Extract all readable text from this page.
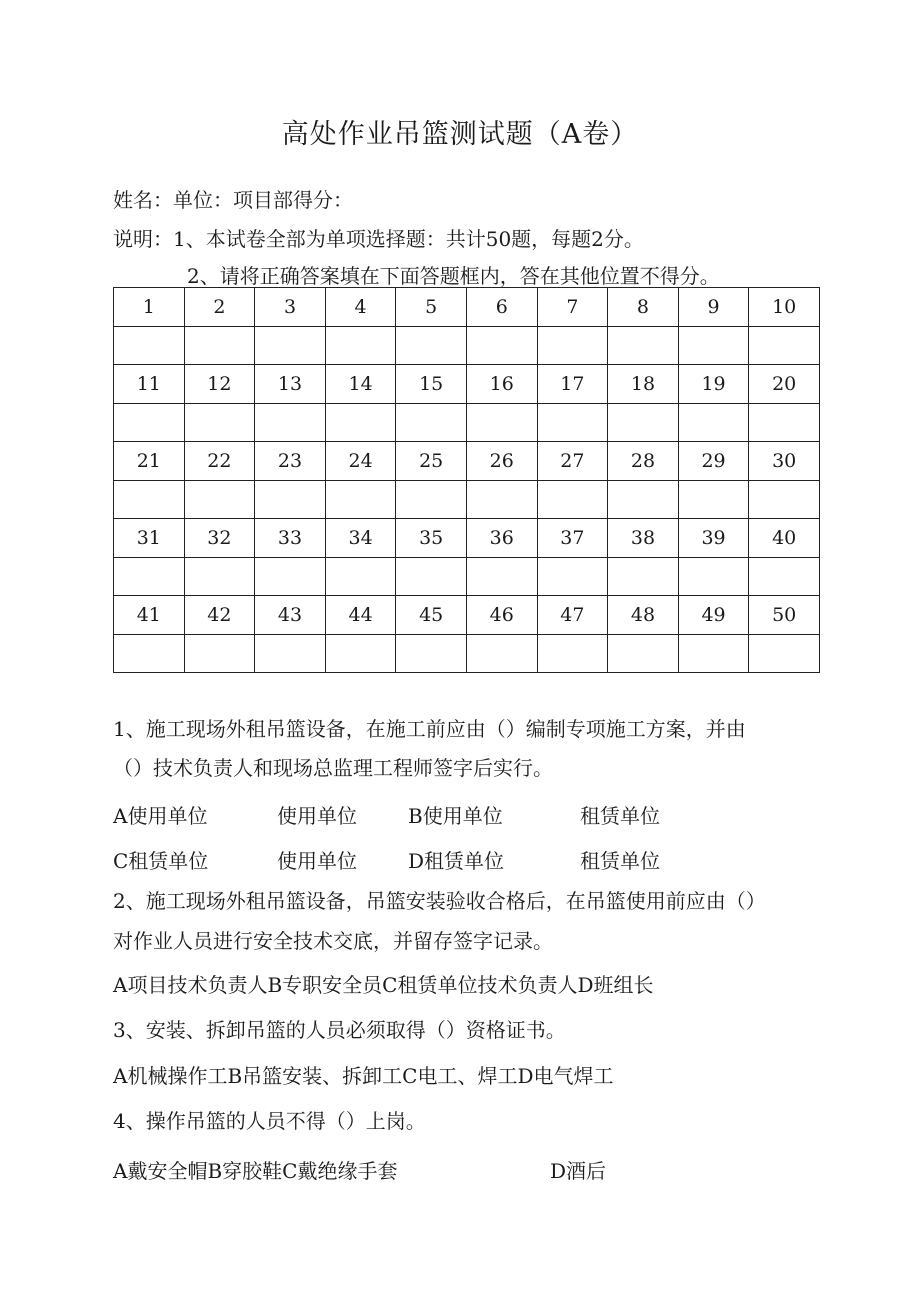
高处作业吊篮测试题（A卷）
姓名：单位：项目部得分：
说明：1、本试卷全部为单项选择题：共计50题，每题2分。
2、请将正确答案填在下面答题框内，答在其他位置不得分。
1	2	3	4	5	6	7	8	9	10

11	12	13	14	15	16	17	18	19	20

21	22	23	24	25	26	27	28	29	30

31	32	33	34	35	36	37	38	39	40

41	42	43	44	45	46	47	48	49	50

1、施工现场外租吊篮设备，在施工前应由（）编制专项施工方案，并由
（）技术负责人和现场总监理工程师签字后实行。
A使用单位	使用单位	B使用单位	租赁单位
C租赁单位	使用单位	D租赁单位	租赁单位
2、施工现场外租吊篮设备，吊篮安装验收合格后，在吊篮使用前应由（）
对作业人员进行安全技术交底，并留存签字记录。
A项目技术负责人B专职安全员C租赁单位技术负责人D班组长
3、安装、拆卸吊篮的人员必须取得（）资格证书。
A机械操作工B吊篮安装、拆卸工C电工、焊工D电气焊工
4、操作吊篮的人员不得（）上岗。
A戴安全帽B穿胶鞋C戴绝缘手套	D酒后
